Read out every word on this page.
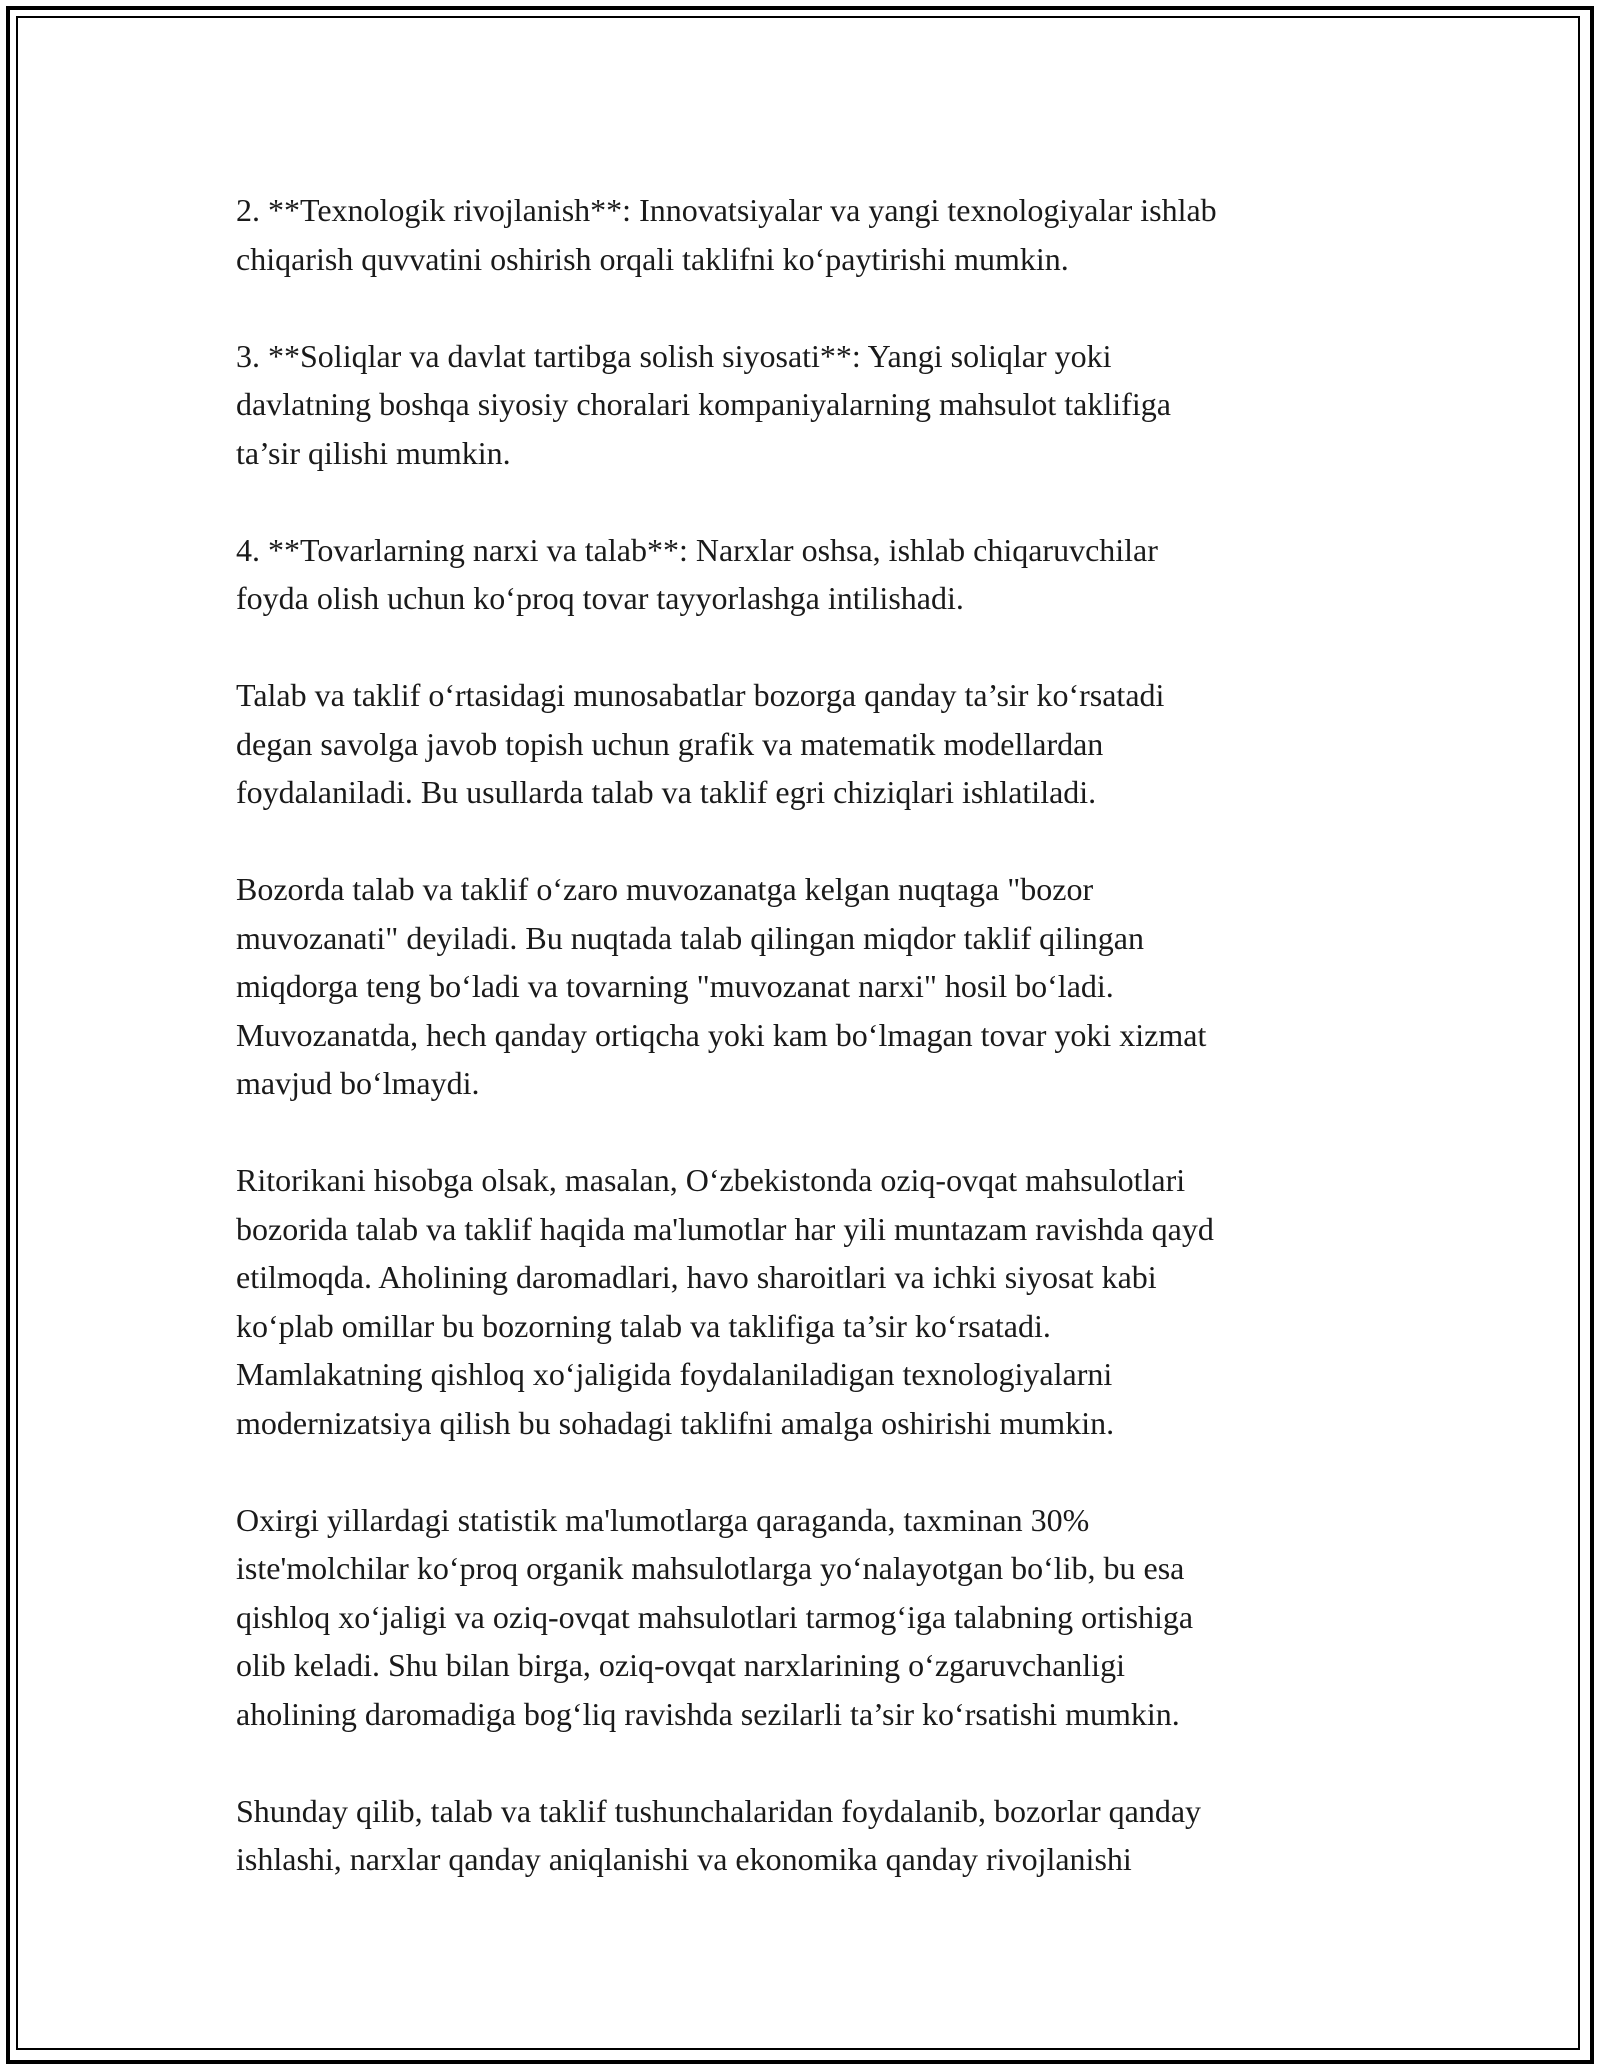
2. **Texnologik rivojlanish**: Innovatsiyalar va yangi texnologiyalar ishlab
chiqarish quvvatini oshirish orqali taklifni ko‘paytirishi mumkin.

3. **Soliqlar va davlat tartibga solish siyosati**: Yangi soliqlar yoki
davlatning boshqa siyosiy choralari kompaniyalarning mahsulot taklifiga
ta’sir qilishi mumkin.

4. **Tovarlarning narxi va talab**: Narxlar oshsa, ishlab chiqaruvchilar
foyda olish uchun ko‘proq tovar tayyorlashga intilishadi.

Talab va taklif o‘rtasidagi munosabatlar bozorga qanday ta’sir ko‘rsatadi
degan savolga javob topish uchun grafik va matematik modellardan
foydalaniladi. Bu usullarda talab va taklif egri chiziqlari ishlatiladi.

Bozorda talab va taklif o‘zaro muvozanatga kelgan nuqtaga "bozor
muvozanati" deyiladi. Bu nuqtada talab qilingan miqdor taklif qilingan
miqdorga teng bo‘ladi va tovarning "muvozanat narxi" hosil bo‘ladi.
Muvozanatda, hech qanday ortiqcha yoki kam bo‘lmagan tovar yoki xizmat
mavjud bo‘lmaydi.

Ritorikani hisobga olsak, masalan, O‘zbekistonda oziq-ovqat mahsulotlari
bozorida talab va taklif haqida ma'lumotlar har yili muntazam ravishda qayd
etilmoqda. Aholining daromadlari, havo sharoitlari va ichki siyosat kabi
ko‘plab omillar bu bozorning talab va taklifiga ta’sir ko‘rsatadi.
Mamlakatning qishloq xo‘jaligida foydalaniladigan texnologiyalarni
modernizatsiya qilish bu sohadagi taklifni amalga oshirishi mumkin.

Oxirgi yillardagi statistik ma'lumotlarga qaraganda, taxminan 30%
iste'molchilar ko‘proq organik mahsulotlarga yo‘nalayotgan bo‘lib, bu esa
qishloq xo‘jaligi va oziq-ovqat mahsulotlari tarmog‘iga talabning ortishiga
olib keladi. Shu bilan birga, oziq-ovqat narxlarining o‘zgaruvchanligi
aholining daromadiga bog‘liq ravishda sezilarli ta’sir ko‘rsatishi mumkin.

Shunday qilib, talab va taklif tushunchalaridan foydalanib, bozorlar qanday
ishlashi, narxlar qanday aniqlanishi va ekonomika qanday rivojlanishi
